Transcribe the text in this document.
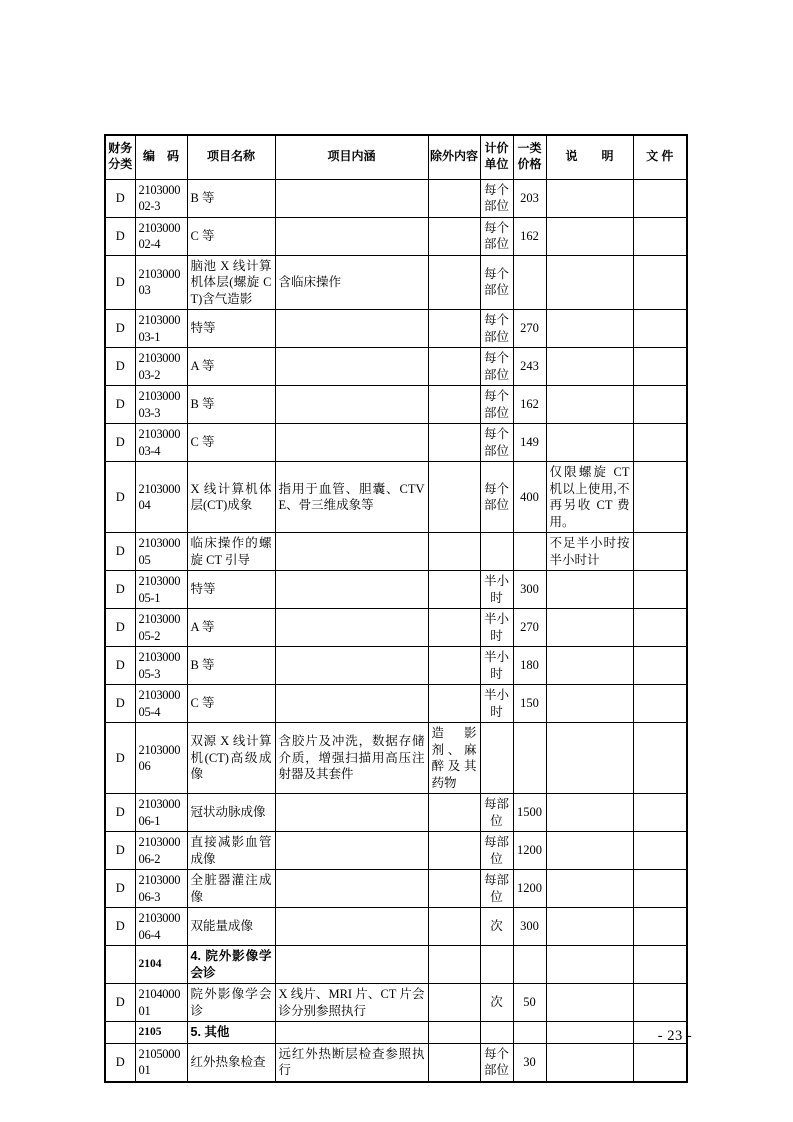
财务分类	编　码	项目名称	项目内涵	除外内容	计价单位	一类价格	说　　明	文 件
D	210300002-3	B 等			每个部位	203		
D	210300002-4	C 等			每个部位	162		
D	210300003	脑池 X 线计算机体层(螺旋 CT)含气造影	含临床操作		每个部位			
D	210300003-1	特等			每个部位	270		
D	210300003-2	A 等			每个部位	243		
D	210300003-3	B 等			每个部位	162		
D	210300003-4	C 等			每个部位	149		
D	210300004	X 线计算机体层(CT)成象	指用于血管、胆囊、CTVE、骨三维成象等		每个部位	400	仅限螺旋 CT 机以上使用,不再另收 CT 费用。	
D	210300005	临床操作的螺旋 CT 引导					不足半小时按半小时计	
D	210300005-1	特等			半小时	300		
D	210300005-2	A 等			半小时	270		
D	210300005-3	B 等			半小时	180		
D	210300005-4	C 等			半小时	150		
D	210300006	双源 X 线计算机(CT)高级成像	含胶片及冲洗，数据存储介质，增强扫描用高压注射器及其套件	造影剂、麻醉及其药物				
D	210300006-1	冠状动脉成像			每部位	1500		
D	210300006-2	直接减影血管成像			每部位	1200		
D	210300006-3	全脏器灌注成像			每部位	1200		
D	210300006-4	双能量成像			次	300		
	2104	4. 院外影像学会诊						
D	210400001	院外影像学会诊	X 线片、MRI 片、CT 片会诊分别参照执行		次	50		
	2105	5. 其他						
D	210500001	红外热象检查	远红外热断层检查参照执行		每个部位	30		
- 23 -
